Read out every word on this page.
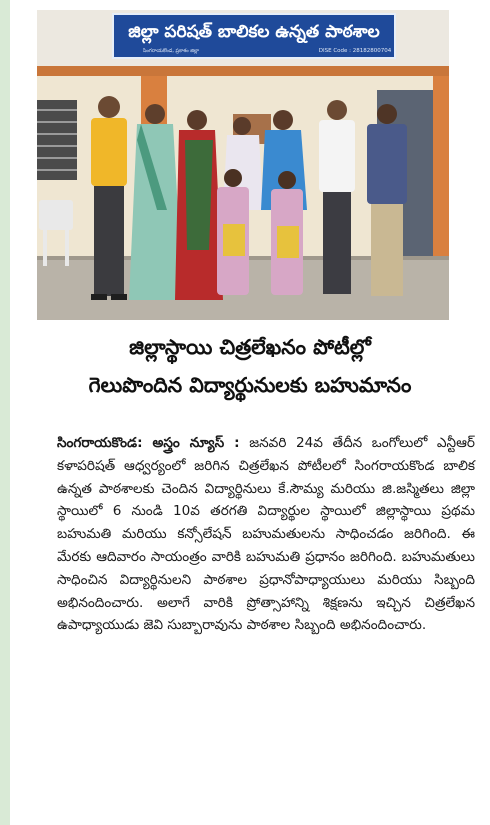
జిల్లా పరిషత్ బాలికల ఉన్నత పాఠశాల
సింగరాయకొండ, ప్రకాశం జిల్లా	DISE Code : 28182800704
జిల్లాస్థాయి చిత్రలేఖనం పోటీల్లో
గెలుపొందిన విద్యార్థునులకు బహుమానం
సింగరాయకొండ: అస్త్రం న్యూస్ : జనవరి 24వ తేదీన ఒంగోలులో ఎన్టీఆర్ కళాపరిషత్ ఆధ్వర్యంలో జరిగిన చిత్రలేఖన పోటీలలో సింగరాయకొండ బాలిక ఉన్నత పాఠశాలకు చెందిన విద్యార్థినులు కే.సౌమ్య మరియు జి.జస్మితలు జిల్లా స్థాయిలో 6 నుండి 10వ తరగతి విద్యార్థుల స్థాయిలో జిల్లాస్థాయి ప్రథమ బహుమతి మరియు కన్సోలేషన్ బహుమతులను సాధించడం జరిగింది. ఈ మేరకు ఆదివారం సాయంత్రం వారికి బహుమతి ప్రధానం జరిగింది. బహుమతులు సాధించిన విద్యార్థినులని పాఠశాల ప్రధానోపాధ్యాయులు మరియు సిబ్బంది అభినందించారు. అలాగే వారికి ప్రోత్సాహాన్ని శిక్షణను ఇచ్చిన చిత్రలేఖన ఉపాధ్యాయుడు జెవి సుబ్బారావును పాఠశాల సిబ్బంది అభినందించారు.
